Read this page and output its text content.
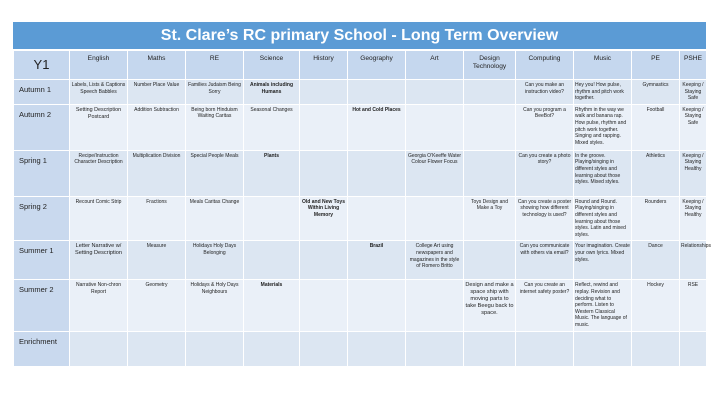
St. Clare’s RC primary School - Long Term Overview
Y1	English	Maths	RE	Science	History	Geography	Art	Design Technology	Computing	Music	PE	PSHE
Autumn 1	Labels, Lists & Captions Speech Babbles	Number Place Value	Families Judaism Being Sorry	Animals including Humans					Can you make an instruction video?	Hey you! How pulse, rhythm and pitch work together.	Gymnastics	Keeping / Staying Safe
Autumn 2	Setting Description Postcard	Addition Subtraction	Being born Hinduism Waiting Caritas	Seasonal Changes		Hot and Cold Places			Can you program a BeeBot?	Rhythm in the way we walk and banana rap. How pulse, rhythm and pitch work together. Singing and rapping. Mixed styles.	Football	Keeping / Staying Safe
Spring 1	Recipe/Instruction Character Description	Multiplication Division	Special People Meals	Plants			Georgia O’Keeffe Water Colour Flower Focus		Can you create a photo story?	In the groove. Playing/singing in different styles and learning about those styles. Mixed styles.	Athletics	Keeping / Staying Healthy
Spring 2	Recount Comic Strip	Fractions	Meals Caritas Change		Old and New Toys Within Living Memory			Toys Design and Make a Toy	Can you create a poster showing how different technology is used?	Round and Round. Playing/singing in different styles and learning about those styles. Latin and mixed styles.	Rounders	Keeping / Staying Healthy
Summer 1	Letter Narrative w/ Setting Description	Measure	Holidays Holy Days Belonging			Brazil	College Art using newspapers and magazines in the style of Romero Britto		Can you communicate with others via email?	Your imagination. Create your own lyrics. Mixed styles.	Dance	Relationships
Summer 2	Narrative Non-chron Report	Geometry	Holidays & Holy Days Neighbours	Materials				Design and make a space ship with moving parts to take Beegu back to space.	Can you create an internet safety poster?	Reflect, rewind and replay. Revision and deciding what to perform. Listen to Western Classical Music. The language of music.	Hockey	RSE
Enrichment												
